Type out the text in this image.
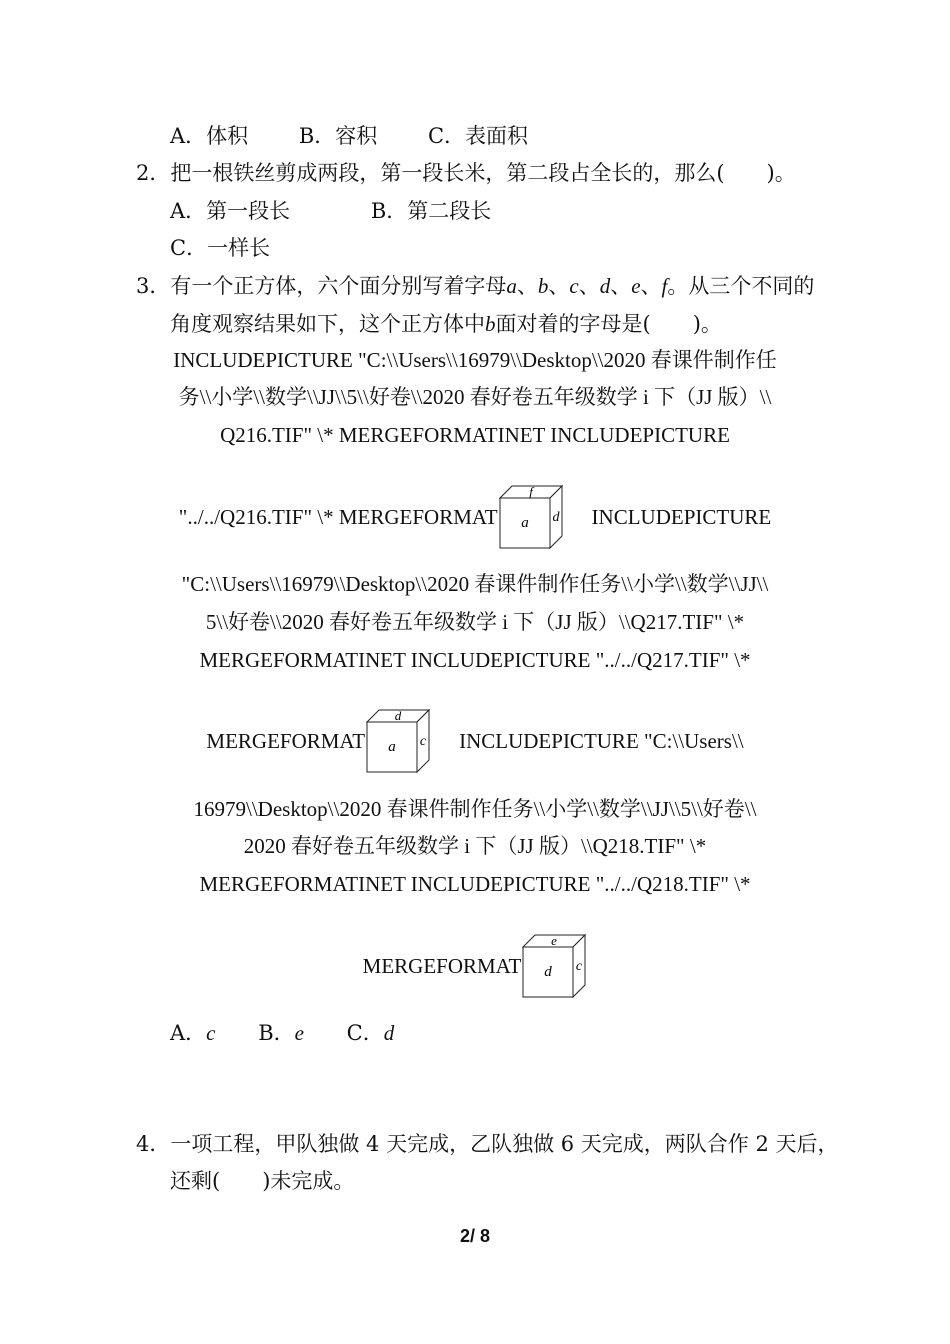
A．体积 B．容积 C．表面积
2．把一根铁丝剪成两段，第一段长米，第二段占全长的，那么(　　)。
A．第一段长	B．第二段长
C．一样长
3．有一个正方体，六个面分别写着字母a、b、c、d、e、f。从三个不同的
角度观察结果如下，这个正方体中b面对着的字母是(　　)。
INCLUDEPICTURE "C:\\Users\\16979\\Desktop\\2020 春课件制作任
务\\小学\\数学\\JJ\\5\\好卷\\2020 春好卷五年级数学 i 下（JJ 版）\\
Q216.TIF" \* MERGEFORMATINET INCLUDEPICTURE
"../../Q216.TIF" \* MERGEFORMAT
f
a d INCLUDEPICTURE
"C:\\Users\\16979\\Desktop\\2020 春课件制作任务\\小学\\数学\\JJ\\
5\\好卷\\2020 春好卷五年级数学 i 下（JJ 版）\\Q217.TIF" \*
MERGEFORMATINET INCLUDEPICTURE "../../Q217.TIF" \*
MERGEFORMAT
d
a c INCLUDEPICTURE "C:\\Users\\
16979\\Desktop\\2020 春课件制作任务\\小学\\数学\\JJ\\5\\好卷\\
2020 春好卷五年级数学 i 下（JJ 版）\\Q218.TIF" \*
MERGEFORMATINET INCLUDEPICTURE "../../Q218.TIF" \*
MERGEFORMAT
e
d c
A．c B．e C．d
4．一项工程，甲队独做 4 天完成，乙队独做 6 天完成，两队合作 2 天后，
还剩(　　)未完成。
2/ 8
